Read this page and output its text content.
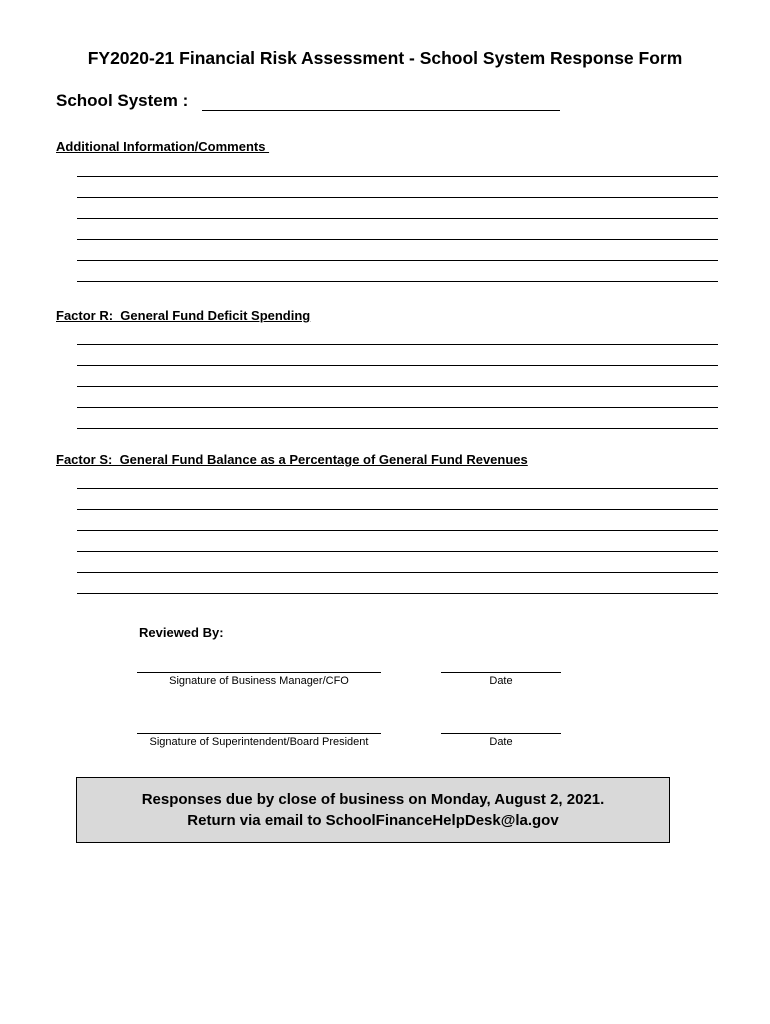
FY2020-21 Financial Risk Assessment - School System Response Form
School System :
Additional Information/Comments
Factor R:  General Fund Deficit Spending
Factor S:  General Fund Balance as a Percentage of General Fund Revenues
Reviewed By:
Signature of Business Manager/CFO	Date
Signature of Superintendent/Board President	Date
Responses due by close of business on Monday, August 2, 2021.
Return via email to SchoolFinanceHelpDesk@la.gov
